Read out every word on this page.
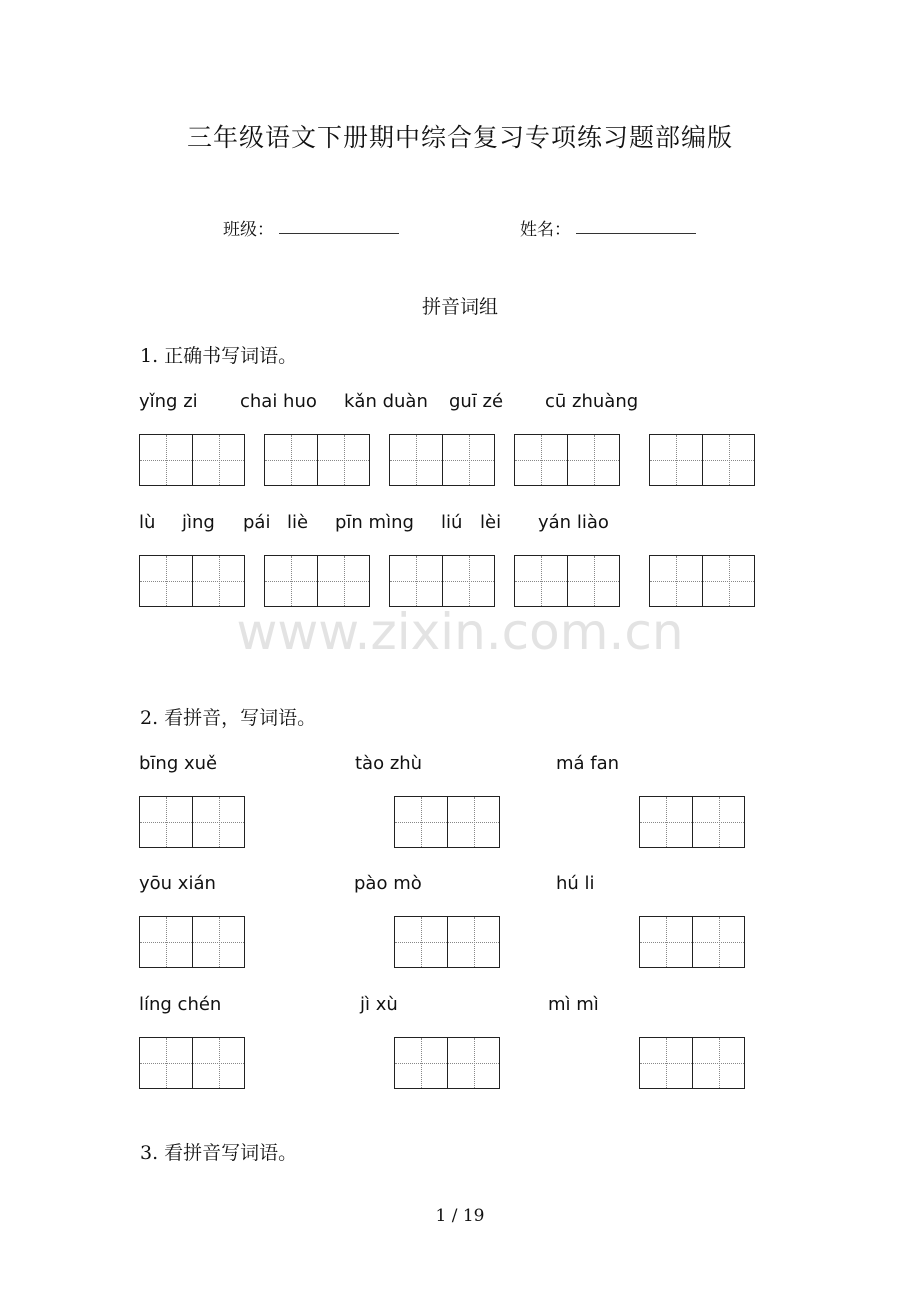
三年级语文下册期中综合复习专项练习题部编版
班级：	姓名：
拼音词组
1. 正确书写词语。
yǐng zi chai huo kǎn duàn guī zé cū zhuàng
lù jìng pái liè pīn mìng liú lèi yán liào
www.zixin.com.cn
2. 看拼音，写词语。
bīng xuě	tào zhù	má fan
yōu xián	pào mò	hú li
líng chén	jì xù	mì mì
3. 看拼音写词语。
1 / 19
